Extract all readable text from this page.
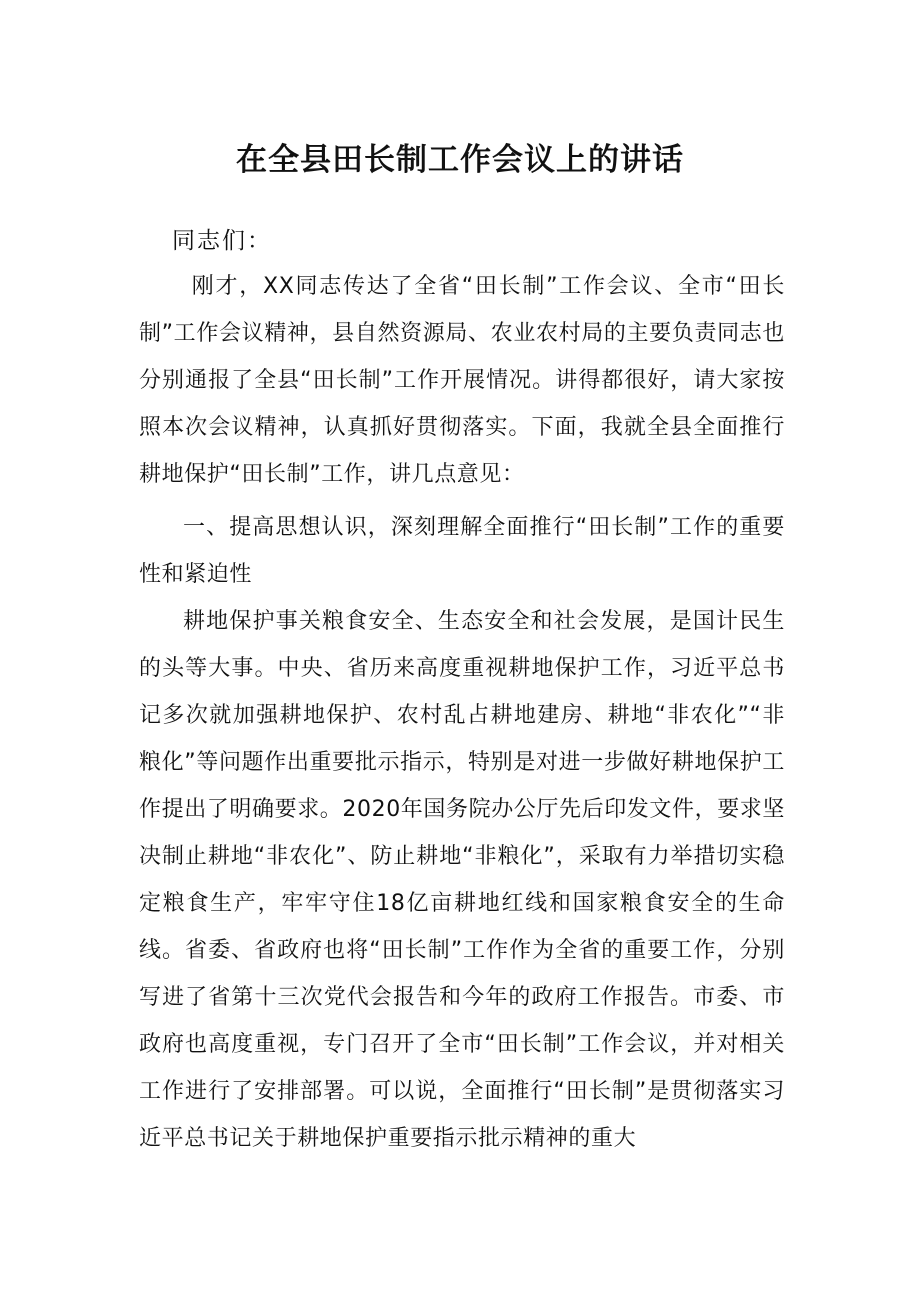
在全县田长制工作会议上的讲话

同志们：

刚才，XX同志传达了全省“田长制”工作会议、全市“田长制”工作会议精神，县自然资源局、农业农村局的主要负责同志也分别通报了全县“田长制”工作开展情况。讲得都很好，请大家按照本次会议精神，认真抓好贯彻落实。下面，我就全县全面推行耕地保护“田长制”工作，讲几点意见：

一、提高思想认识，深刻理解全面推行“田长制”工作的重要性和紧迫性

耕地保护事关粮食安全、生态安全和社会发展，是国计民生的头等大事。中央、省历来高度重视耕地保护工作，习近平总书记多次就加强耕地保护、农村乱占耕地建房、耕地“非农化”“非粮化”等问题作出重要批示指示，特别是对进一步做好耕地保护工作提出了明确要求。2020年国务院办公厅先后印发文件，要求坚决制止耕地“非农化”、防止耕地“非粮化”，采取有力举措切实稳定粮食生产，牢牢守住18亿亩耕地红线和国家粮食安全的生命线。省委、省政府也将“田长制”工作作为全省的重要工作，分别写进了省第十三次党代会报告和今年的政府工作报告。市委、市政府也高度重视，专门召开了全市“田长制”工作会议，并对相关工作进行了安排部署。可以说，全面推行“田长制”是贯彻落实习近平总书记关于耕地保护重要指示批示精神的重大
